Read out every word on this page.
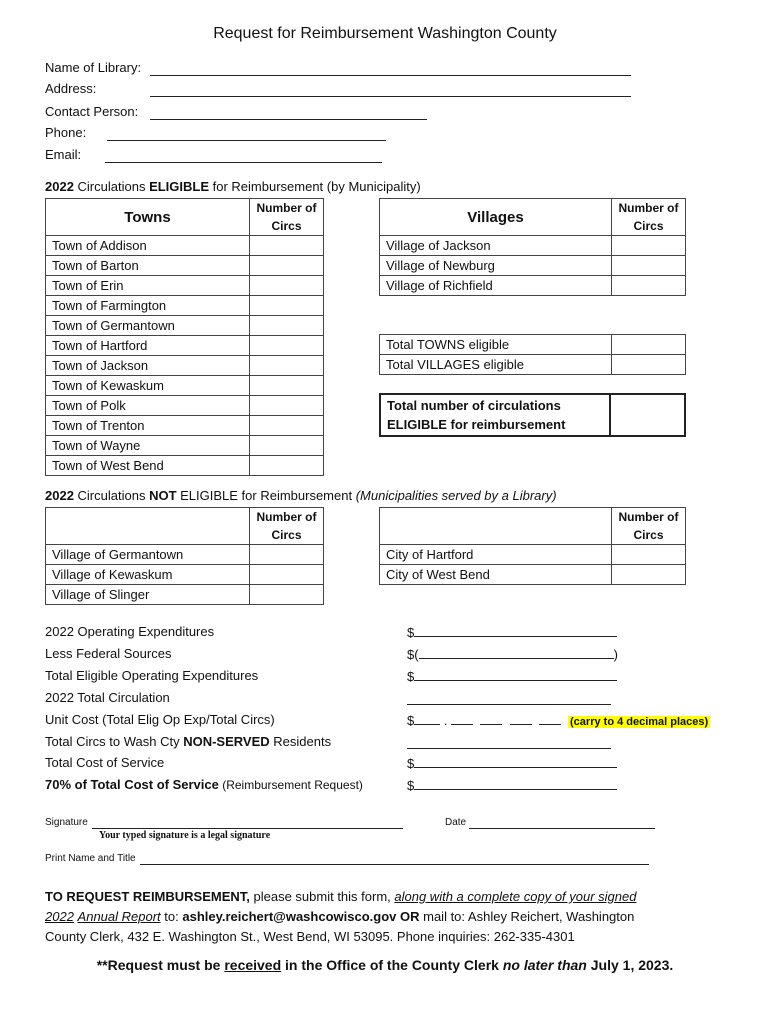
Request for Reimbursement Washington County
Name of Library:
Address:
Contact Person:
Phone:
Email:
2022 Circulations ELIGIBLE for Reimbursement (by Municipality)
Towns	Number of Circs
Town of Addison	
Town of Barton	
Town of Erin	
Town of Farmington	
Town of Germantown	
Town of Hartford	
Town of Jackson	
Town of Kewaskum	
Town of Polk	
Town of Trenton	
Town of Wayne	
Town of West Bend	
Villages	Number of Circs
Village of Jackson	
Village of Newburg	
Village of Richfield	
Total TOWNS eligible	
Total VILLAGES eligible	
Total number of circulations
ELIGIBLE for reimbursement	
2022 Circulations NOT ELIGIBLE for Reimbursement (Municipalities served by a Library)
	Number of Circs
Village of Germantown	
Village of Kewaskum	
Village of Slinger	
	Number of Circs
City of Hartford	
City of West Bend	
2022 Operating Expenditures	$
Less Federal Sources	$(	)
Total Eligible Operating Expenditures	$
2022 Total Circulation
Unit Cost (Total Elig Op Exp/Total Circs)	$ .	(carry to 4 decimal places)
Total Circs to Wash Cty NON-SERVED Residents
Total Cost of Service	$
70% of Total Cost of Service (Reimbursement Request)	$
Signature	Date
Your typed signature is a legal signature
Print Name and Title
TO REQUEST REIMBURSEMENT, please submit this form, along with a complete copy of your signed
2022 Annual Report to: ashley.reichert@washcowisco.gov OR mail to: Ashley Reichert, Washington
County Clerk, 432 E. Washington St., West Bend, WI 53095. Phone inquiries: 262-335-4301
**Request must be received in the Office of the County Clerk no later than July 1, 2023.
